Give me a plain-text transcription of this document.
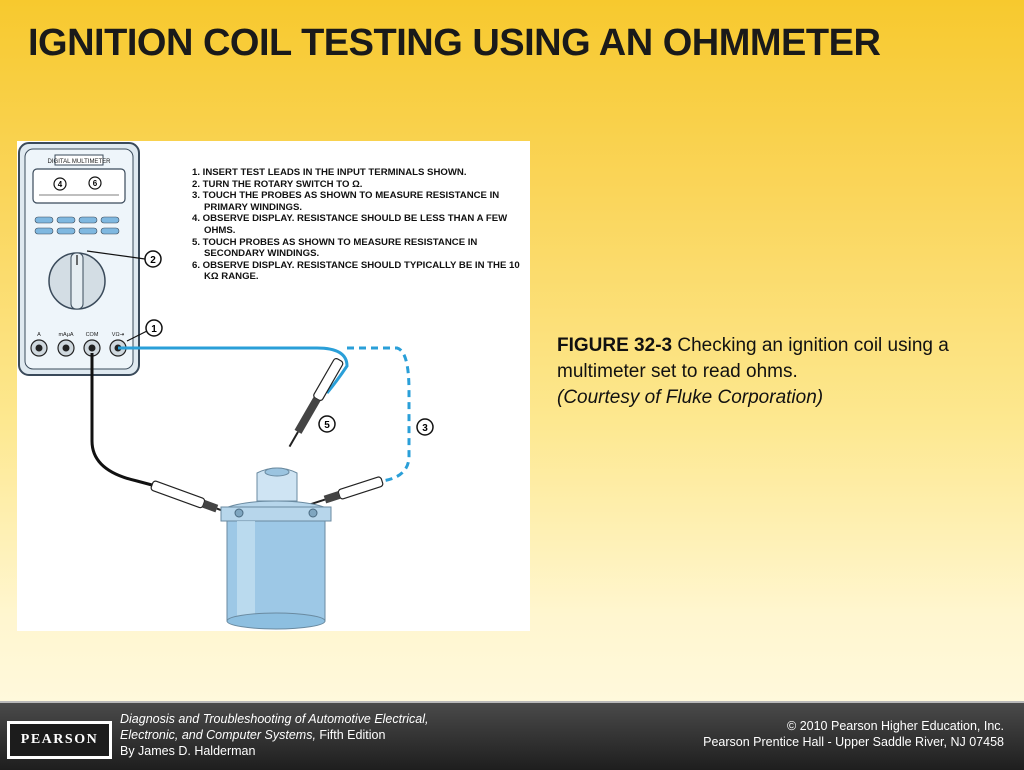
IGNITION COIL TESTING USING AN OHMMETER
DIGITAL MULTIMETER
4	6
2
A	mAµA COM VΩ⇥	1
5	3
1. INSERT TEST LEADS IN THE INPUT TERMINALS SHOWN.
2. TURN THE ROTARY SWITCH TO Ω.
3. TOUCH THE PROBES AS SHOWN TO MEASURE RESISTANCE IN PRIMARY WINDINGS.
4. OBSERVE DISPLAY. RESISTANCE SHOULD BE LESS THAN A FEW OHMS.
5. TOUCH PROBES AS SHOWN TO MEASURE RESISTANCE IN SECONDARY WINDINGS.
6. OBSERVE DISPLAY. RESISTANCE SHOULD TYPICALLY BE IN THE 10 KΩ RANGE.
FIGURE 32-3 Checking an ignition coil using a multimeter set to read ohms.
(Courtesy of Fluke Corporation)
PEARSON
Diagnosis and Troubleshooting of Automotive Electrical,
Electronic, and Computer Systems, Fifth Edition
By James D. Halderman
© 2010 Pearson Higher Education, Inc.
Pearson Prentice Hall - Upper Saddle River, NJ 07458
